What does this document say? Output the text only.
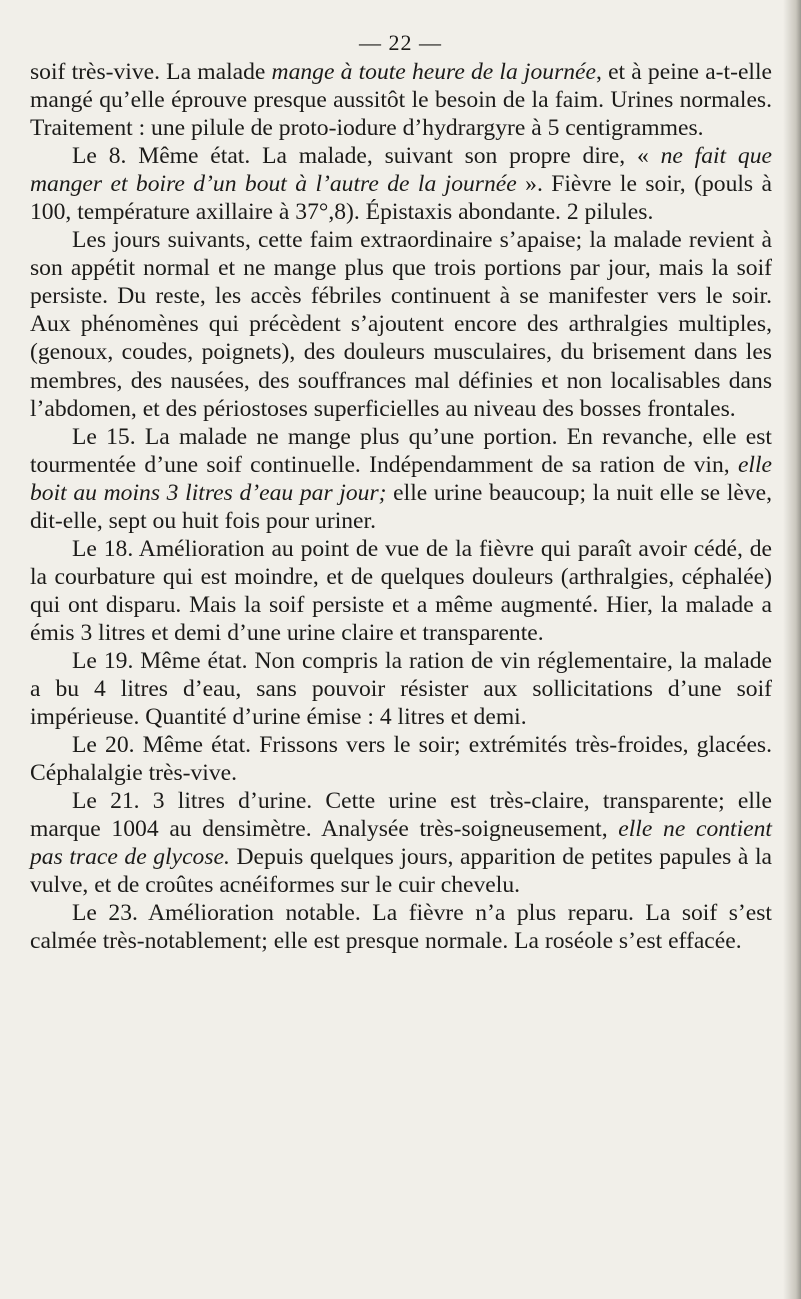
— 22 —

soif très-vive. La malade mange à toute heure de la journée, et à peine a-t-elle mangé qu’elle éprouve presque aussitôt le besoin de la faim. Urines normales. Traitement : une pilule de proto-iodure d’hydrargyre à 5 centigrammes.

Le 8. Même état. La malade, suivant son propre dire, « ne fait que manger et boire d’un bout à l’autre de la journée ». Fièvre le soir, (pouls à 100, température axillaire à 37°,8). Épistaxis abondante. 2 pilules.

Les jours suivants, cette faim extraordinaire s’apaise; la malade revient à son appétit normal et ne mange plus que trois portions par jour, mais la soif persiste. Du reste, les accès fébriles continuent à se manifester vers le soir. Aux phénomènes qui précèdent s’ajoutent encore des arthralgies multiples, (genoux, coudes, poignets), des douleurs musculaires, du brisement dans les membres, des nausées, des souffrances mal définies et non localisables dans l’abdomen, et des périostoses superficielles au niveau des bosses frontales.

Le 15. La malade ne mange plus qu’une portion. En revanche, elle est tourmentée d’une soif continuelle. Indépendamment de sa ration de vin, elle boit au moins 3 litres d’eau par jour; elle urine beaucoup; la nuit elle se lève, dit-elle, sept ou huit fois pour uriner.

Le 18. Amélioration au point de vue de la fièvre qui paraît avoir cédé, de la courbature qui est moindre, et de quelques douleurs (arthralgies, céphalée) qui ont disparu. Mais la soif persiste et a même augmenté. Hier, la malade a émis 3 litres et demi d’une urine claire et transparente.

Le 19. Même état. Non compris la ration de vin réglementaire, la malade a bu 4 litres d’eau, sans pouvoir résister aux sollicitations d’une soif impérieuse. Quantité d’urine émise : 4 litres et demi.

Le 20. Même état. Frissons vers le soir; extrémités très-froides, glacées. Céphalalgie très-vive.

Le 21. 3 litres d’urine. Cette urine est très-claire, transparente; elle marque 1004 au densimètre. Analysée très-soigneusement, elle ne contient pas trace de glycose. Depuis quelques jours, apparition de petites papules à la vulve, et de croûtes acnéiformes sur le cuir chevelu.

Le 23. Amélioration notable. La fièvre n’a plus reparu. La soif s’est calmée très-notablement; elle est presque normale. La roséole s’est effacée.
